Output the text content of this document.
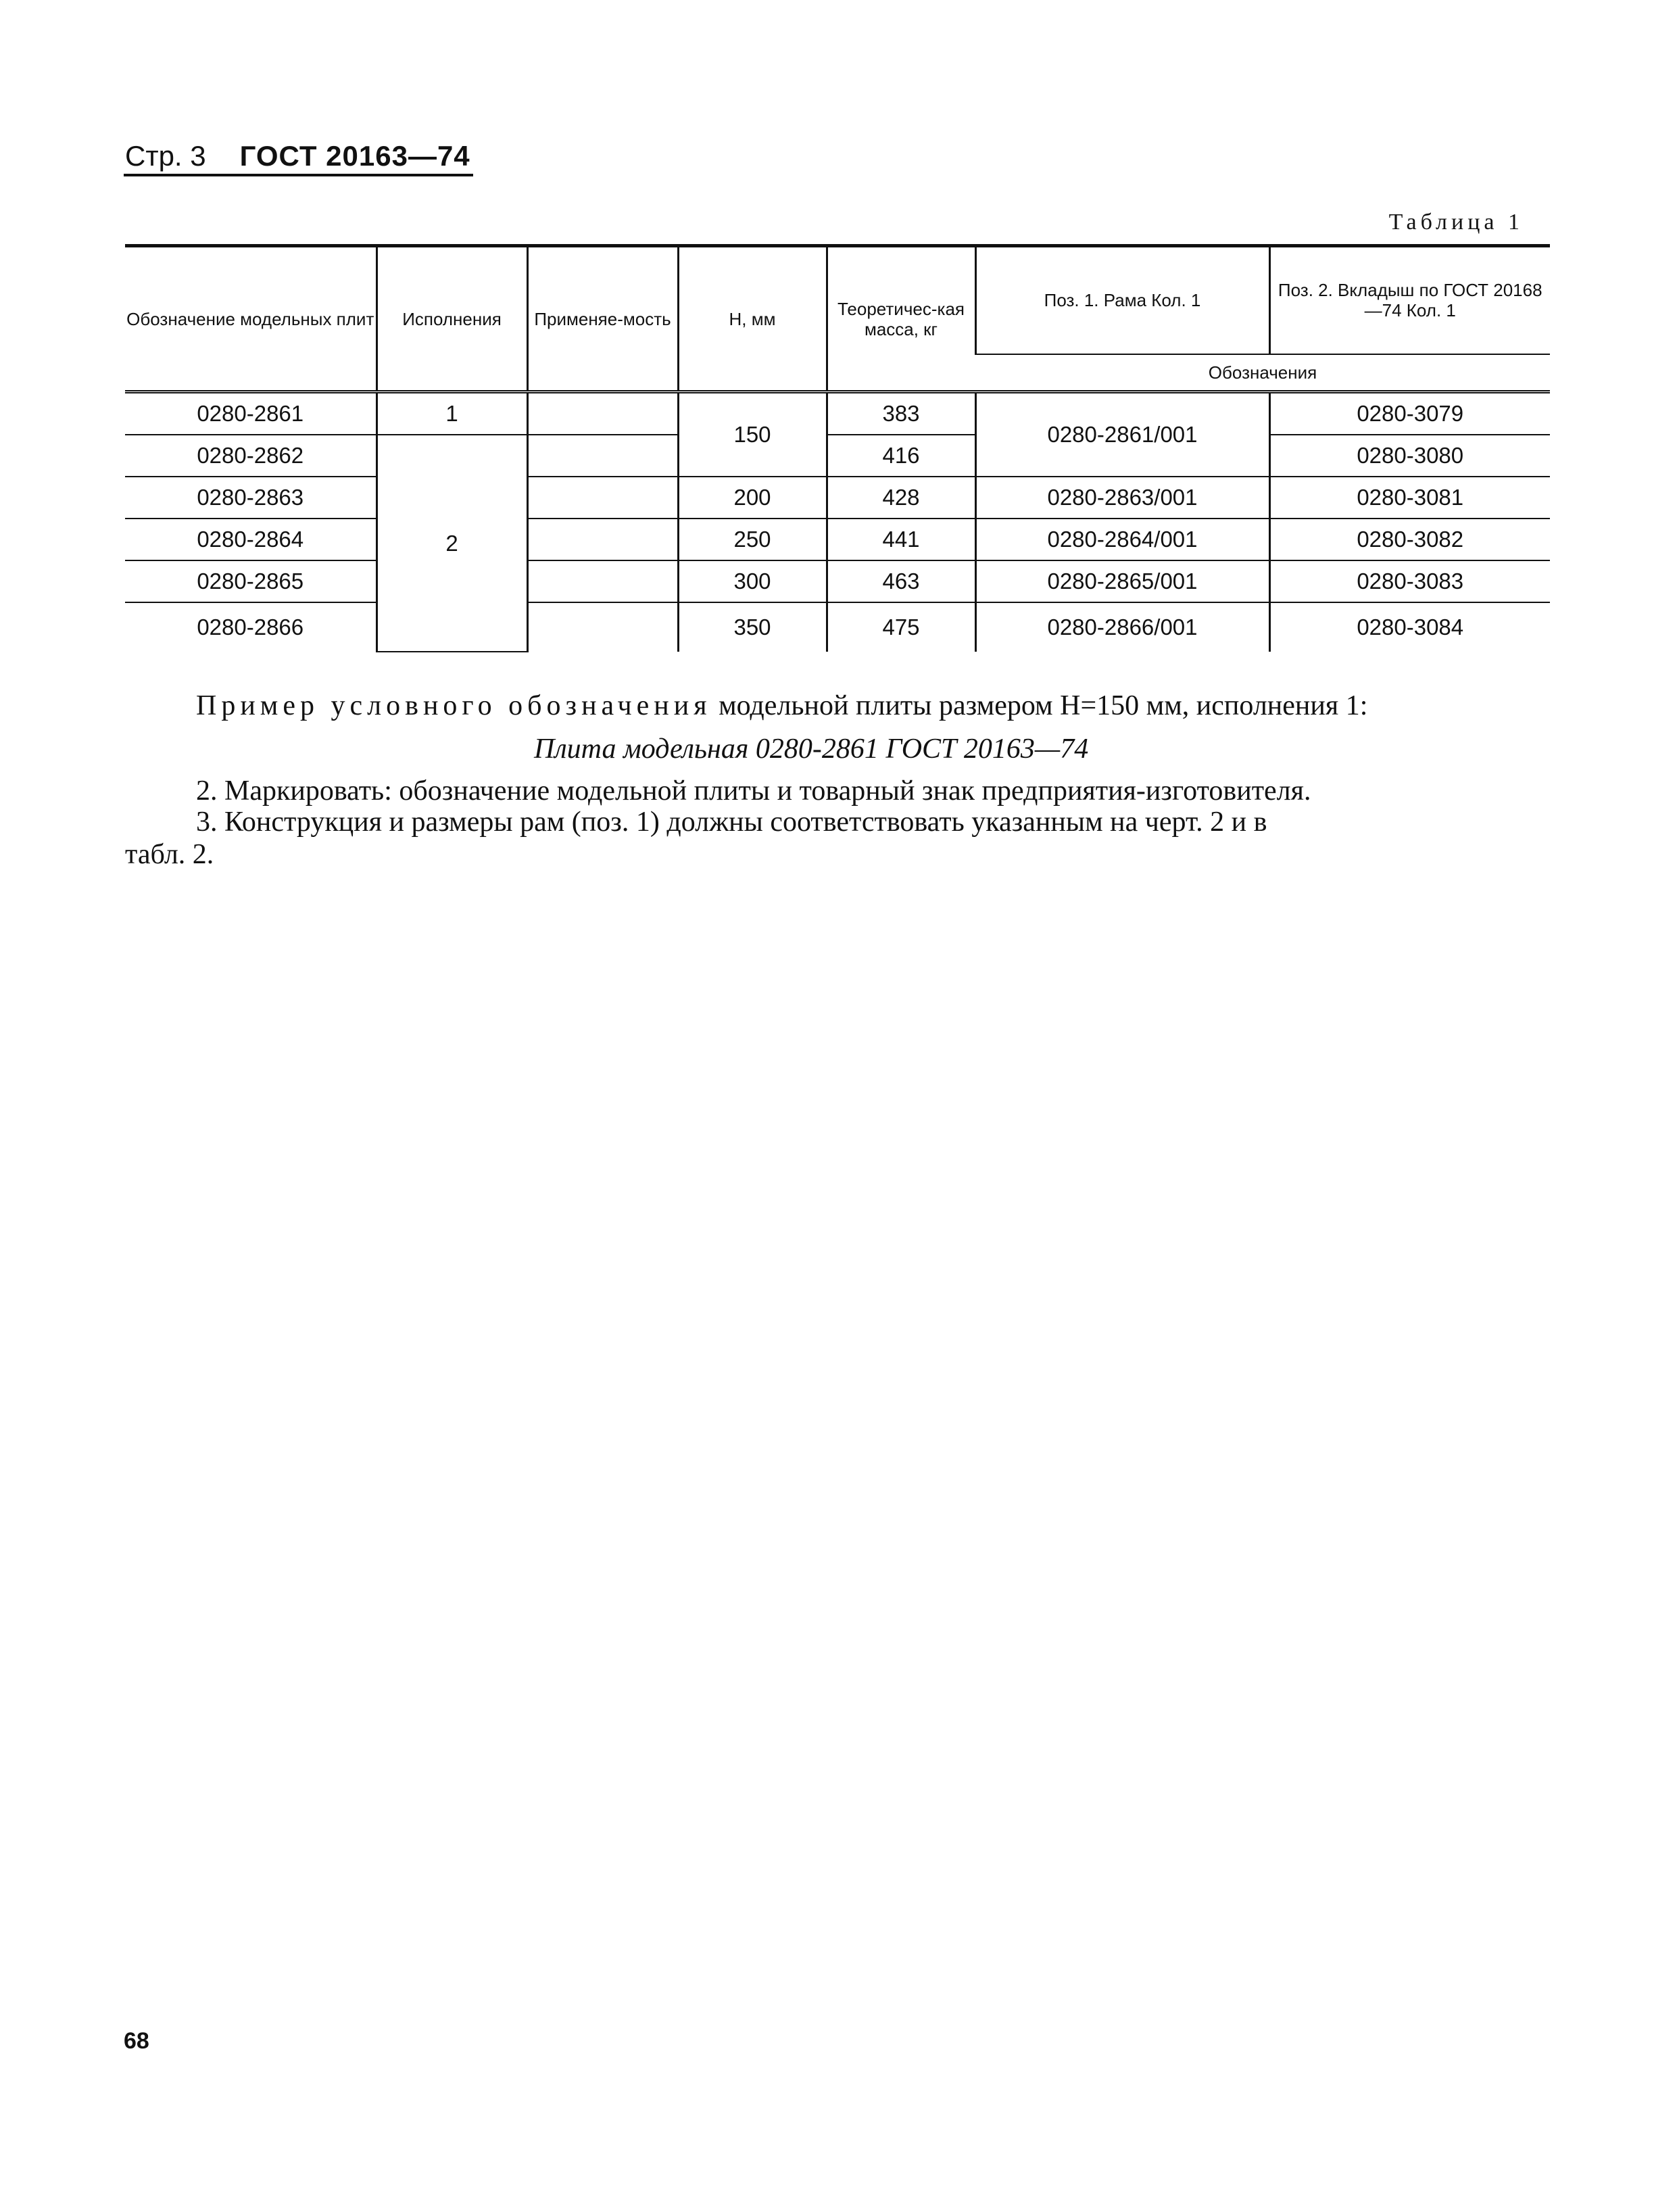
Стр. 3 ГОСТ 20163—74
Таблица 1
Обозначение модельных плит	Исполнения	Применяе-мость	H, мм	Теоретичес-кая масса, кг	Поз. 1. Рама Кол. 1	Поз. 2. Вкладыш по ГОСТ 20168—74 Кол. 1
					Обозначения	
0280-2861	1		150	383	0280-2861/001	0280-3079
0280-2862	2			416		0280-3080
0280-2863			200	428	0280-2863/001	0280-3081
0280-2864			250	441	0280-2864/001	0280-3082
0280-2865			300	463	0280-2865/001	0280-3083
0280-2866			350	475	0280-2866/001	0280-3084
Пример условного обозначения модельной плиты размером H=150 мм, исполнения 1:
Плита модельная 0280-2861 ГОСТ 20163—74
2. Маркировать: обозначение модельной плиты и товарный знак предприятия-изготовителя.
3. Конструкция и размеры рам (поз. 1) должны соответствовать указанным на черт. 2 и в
табл. 2.
68
